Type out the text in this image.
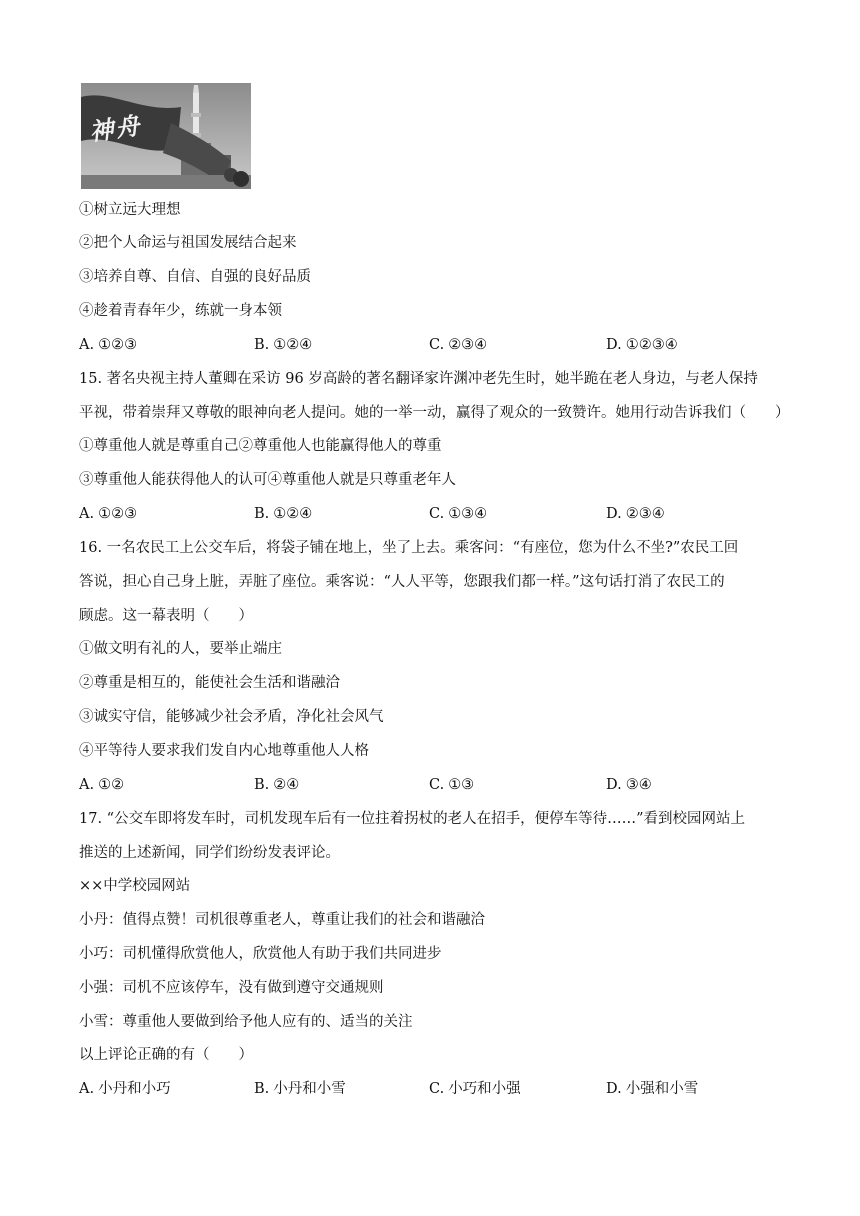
神舟
①树立远大理想
②把个人命运与祖国发展结合起来
③培养自尊、自信、自强的良好品质
④趁着青春年少，练就一身本领
A. ①②③	B. ①②④	C. ②③④	D. ①②③④
15. 著名央视主持人董卿在采访 96 岁高龄的著名翻译家许渊冲老先生时，她半跪在老人身边，与老人保持
平视，带着崇拜又尊敬的眼神向老人提问。她的一举一动，赢得了观众的一致赞许。她用行动告诉我们（　　）
①尊重他人就是尊重自己②尊重他人也能赢得他人的尊重
③尊重他人能获得他人的认可④尊重他人就是只尊重老年人
A. ①②③	B. ①②④	C. ①③④	D. ②③④
16. 一名农民工上公交车后，将袋子铺在地上，坐了上去。乘客问：“有座位，您为什么不坐?”农民工回
答说，担心自己身上脏，弄脏了座位。乘客说：“人人平等，您跟我们都一样。”这句话打消了农民工的
顾虑。这一幕表明（　　）
①做文明有礼的人，要举止端庄
②尊重是相互的，能使社会生活和谐融洽
③诚实守信，能够减少社会矛盾，净化社会风气
④平等待人要求我们发自内心地尊重他人人格
A. ①②	B. ②④	C. ①③	D. ③④
17. “公交车即将发车时，司机发现车后有一位拄着拐杖的老人在招手，便停车等待……”看到校园网站上
推送的上述新闻，同学们纷纷发表评论。
××中学校园网站
小丹：值得点赞！司机很尊重老人，尊重让我们的社会和谐融洽
小巧：司机懂得欣赏他人，欣赏他人有助于我们共同进步
小强：司机不应该停车，没有做到遵守交通规则
小雪：尊重他人要做到给予他人应有的、适当的关注
以上评论正确的有（　　）
A. 小丹和小巧	B. 小丹和小雪	C. 小巧和小强	D. 小强和小雪
